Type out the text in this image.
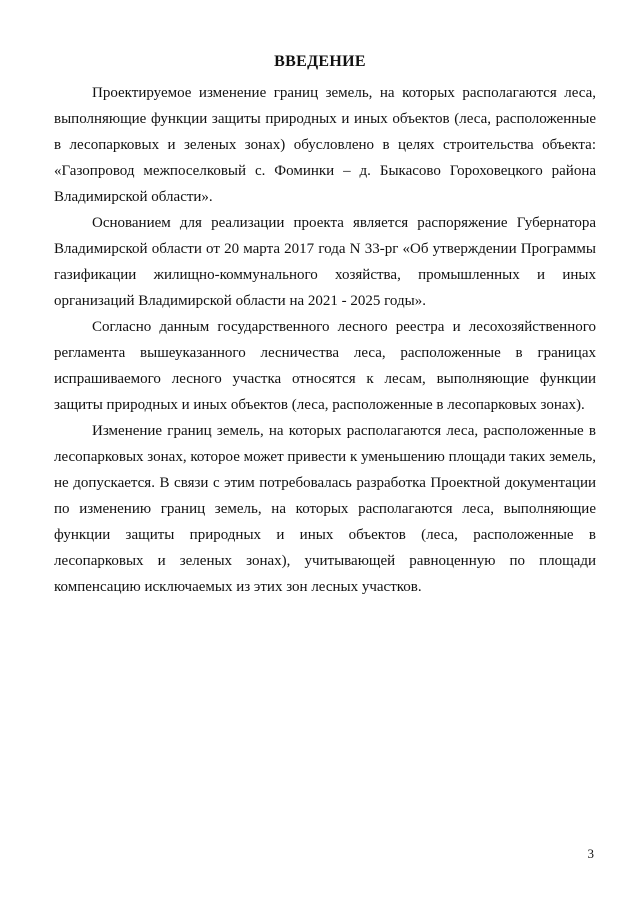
ВВЕДЕНИЕ

Проектируемое изменение границ земель, на которых располагаются леса, выполняющие функции защиты природных и иных объектов (леса, расположенные в лесопарковых и зеленых зонах) обусловлено в целях строительства объекта: «Газопровод межпоселковый с. Фоминки – д. Быкасово Гороховецкого района Владимирской области».

Основанием для реализации проекта является распоряжение Губернатора Владимирской области от 20 марта 2017 года N 33-рг «Об утверждении Программы газификации жилищно-коммунального хозяйства, промышленных и иных организаций Владимирской области на 2021 - 2025 годы».

Согласно данным государственного лесного реестра и лесохозяйственного регламента вышеуказанного лесничества леса, расположенные в границах испрашиваемого лесного участка относятся к лесам, выполняющие функции защиты природных и иных объектов (леса, расположенные в лесопарковых зонах).

Изменение границ земель, на которых располагаются леса, расположенные в лесопарковых зонах, которое может привести к уменьшению площади таких земель, не допускается. В связи с этим потребовалась разработка Проектной документации по изменению границ земель, на которых располагаются леса, выполняющие функции защиты природных и иных объектов (леса, расположенные в лесопарковых и зеленых зонах), учитывающей равноценную по площади компенсацию исключаемых из этих зон лесных участков.

3
